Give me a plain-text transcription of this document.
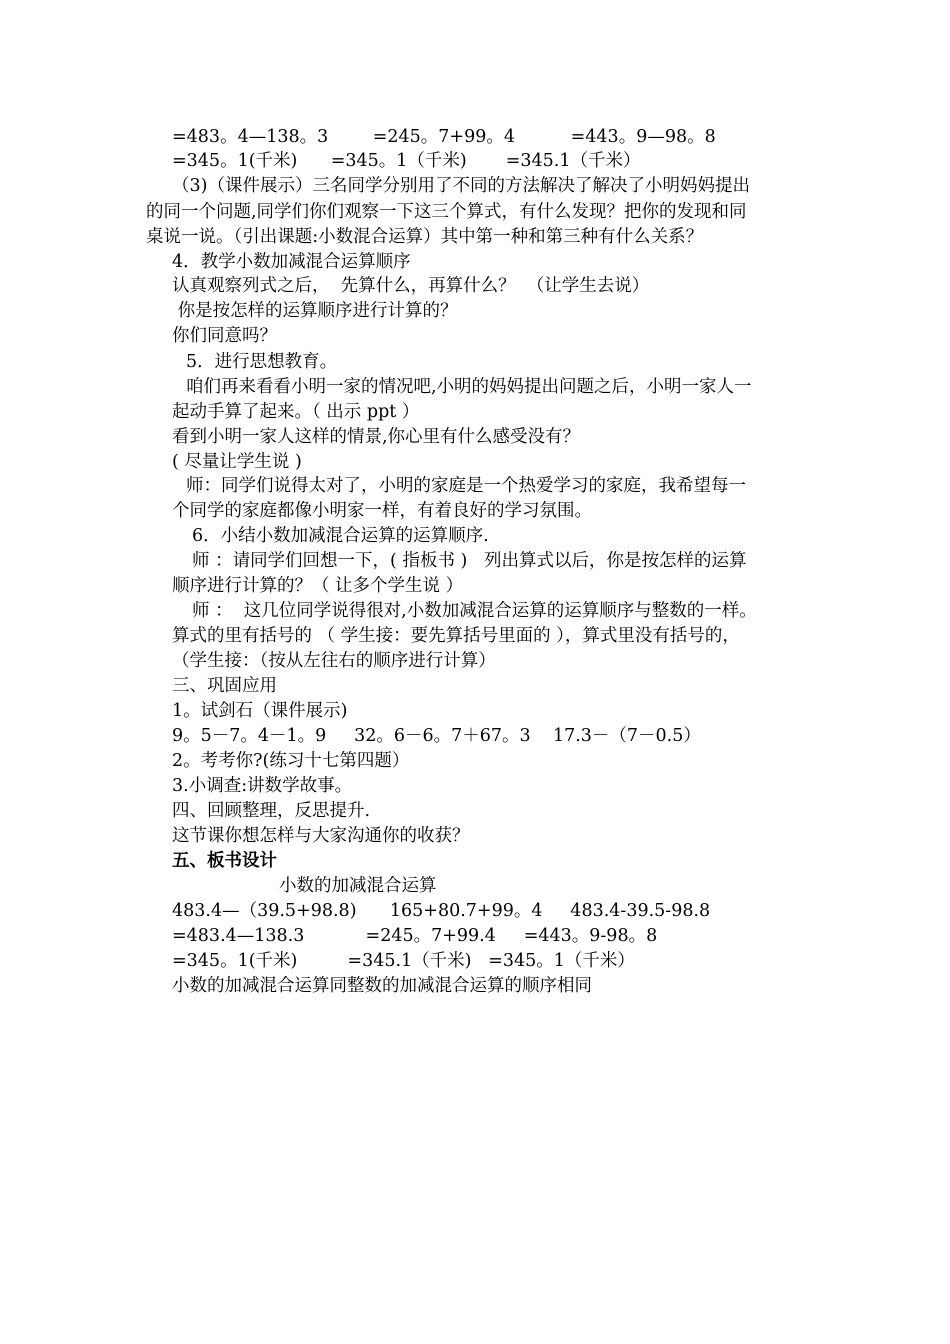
=483。4—138。3        =245。7+99。4          =443。9—98。8
=345。1(千米)      =345。1（千米)       =345.1（千米）
（3)（课件展示）三名同学分别用了不同的方法解决了解决了小明妈妈提出
的同一个问题,同学们你们观察一下这三个算式，有什么发现？把你的发现和同
桌说一说。（引出课题:小数混合运算）其中第一种和第三种有什么关系？
4．教学小数加减混合运算顺序
认真观察列式之后，  先算什么，再算什么？  （让学生去说）
你是按怎样的运算顺序进行计算的？
你们同意吗？
5．进行思想教育。
咱们再来看看小明一家的情况吧,小明的妈妈提出问题之后，小明一家人一
起动手算了起来。（ 出示 ppt ）
看到小明一家人这样的情景,你心里有什么感受没有？
( 尽量让学生说 )
师：同学们说得太对了，小明的家庭是一个热爱学习的家庭，我希望每一
个同学的家庭都像小明家一样，有着良好的学习氛围。
6．小结小数加减混合运算的运算顺序.
师 ：请同学们回想一下，( 指板书 )   列出算式以后，你是按怎样的运算
顺序进行计算的？（ 让多个学生说 ）
师 ：  这几位同学说得很对,小数加减混合运算的运算顺序与整数的一样。
算式的里有括号的 （ 学生接：要先算括号里面的 ），算式里没有括号的，
（学生接：（按从左往右的顺序进行计算）
三、巩固应用
1。试剑石（课件展示)
9。5－7。4－1。9     32。6－6。7＋67。3    17.3－（7－0.5）
2。考考你?(练习十七第四题）
3.小调查:讲数学故事。
四、回顾整理，反思提升.
这节课你想怎样与大家沟通你的收获？
五、板书设计
小数的加减混合运算
483.4—（39.5+98.8)      165+80.7+99。4     483.4-39.5-98.8
=483.4—138.3           =245。7+99.4     =443。9-98。8
=345。1(千米)         =345.1（千米)   =345。1（千米）
小数的加减混合运算同整数的加减混合运算的顺序相同
